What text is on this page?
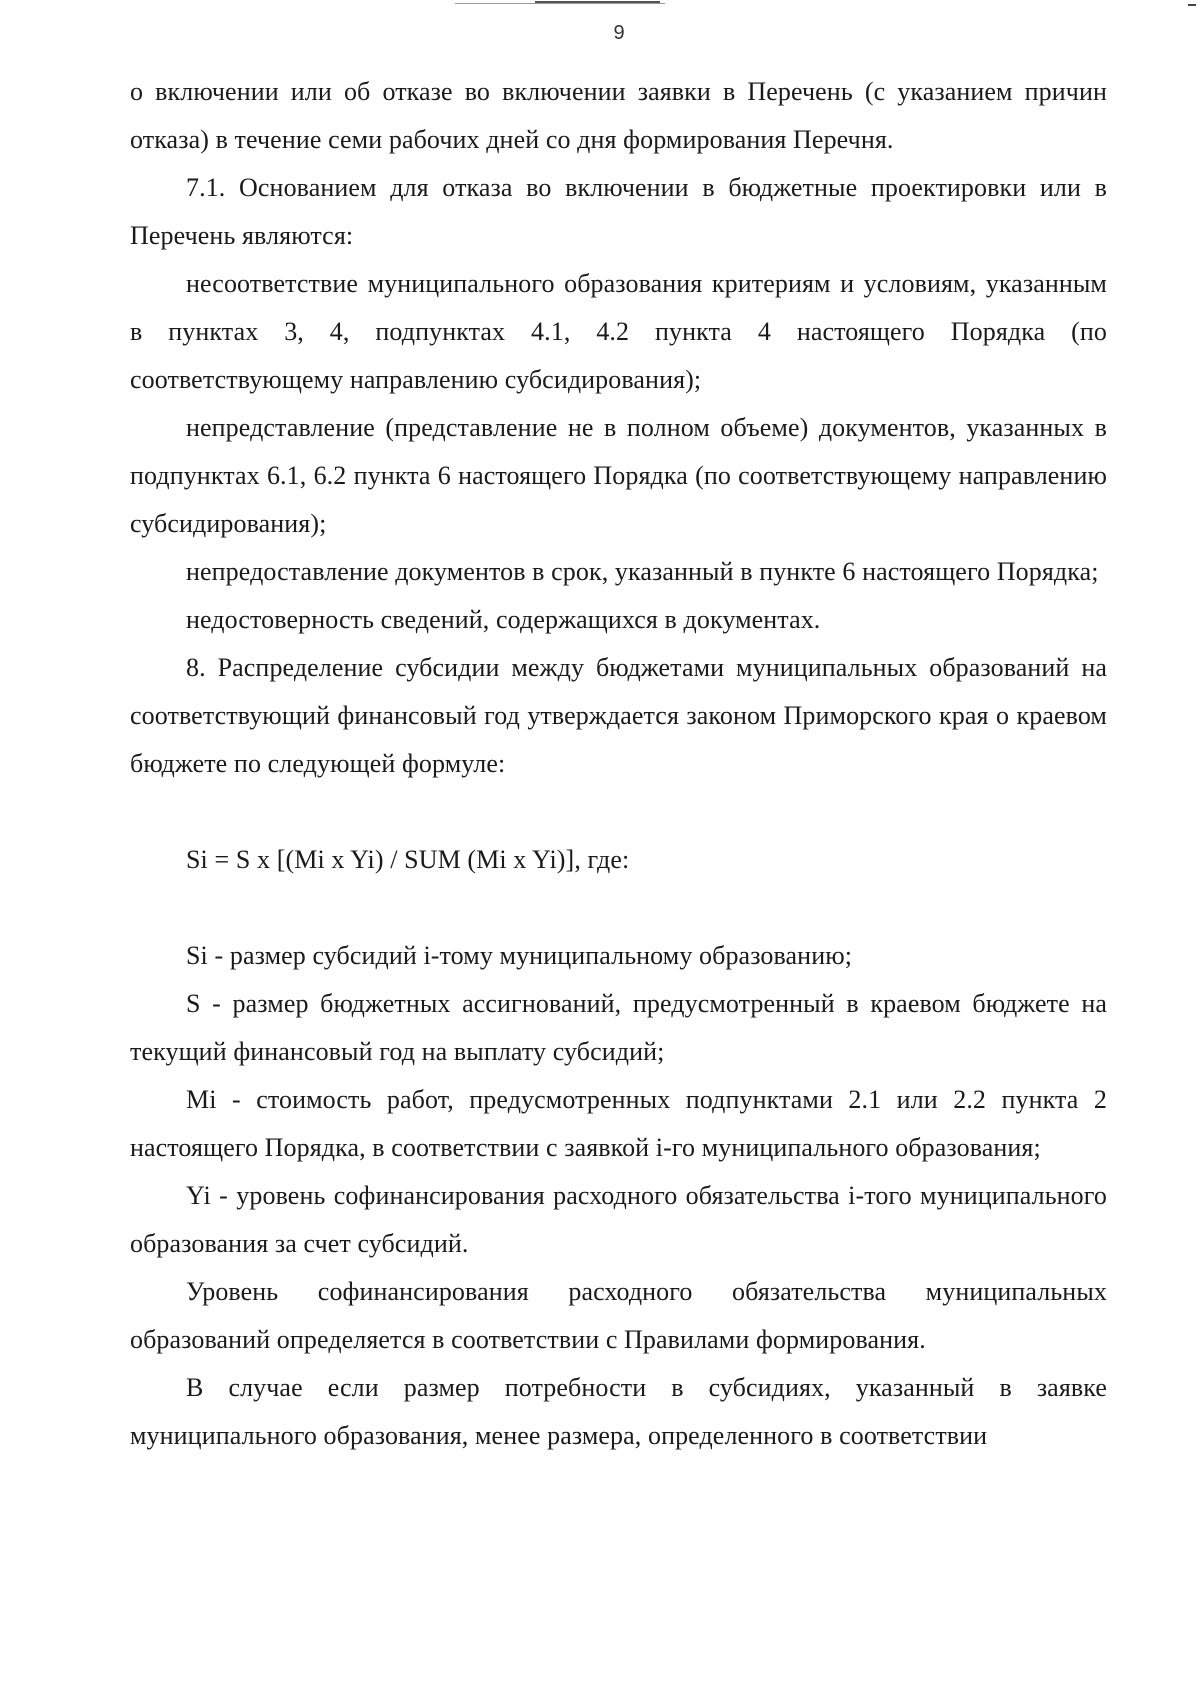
9

о включении или об отказе во включении заявки в Перечень (с указанием причин отказа) в течение семи рабочих дней со дня формирования Перечня.

7.1. Основанием для отказа во включении в бюджетные проектировки или в Перечень являются:

несоответствие муниципального образования критериям и условиям, указанным в пунктах 3, 4, подпунктах 4.1, 4.2 пункта 4 настоящего Порядка (по соответствующему направлению субсидирования);

непредставление (представление не в полном объеме) документов, указанных в подпунктах 6.1, 6.2 пункта 6 настоящего Порядка (по соответствующему направлению субсидирования);

непредоставление документов в срок, указанный в пункте 6 настоящего Порядка;

недостоверность сведений, содержащихся в документах.

8. Распределение субсидии между бюджетами муниципальных образований на соответствующий финансовый год утверждается законом Приморского края о краевом бюджете по следующей формуле:

Si = S x [(Mi x Yi) / SUM (Mi x Yi)], где:

Si - размер субсидий i-тому муниципальному образованию;

S - размер бюджетных ассигнований, предусмотренный в краевом бюджете на текущий финансовый год на выплату субсидий;

Mi - стоимость работ, предусмотренных подпунктами 2.1 или 2.2 пункта 2 настоящего Порядка, в соответствии с заявкой i-го муниципального образования;

Yi - уровень софинансирования расходного обязательства i-того муниципального образования за счет субсидий.

Уровень софинансирования расходного обязательства муниципальных образований определяется в соответствии с Правилами формирования.

В случае если размер потребности в субсидиях, указанный в заявке муниципального образования, менее размера, определенного в соответствии
